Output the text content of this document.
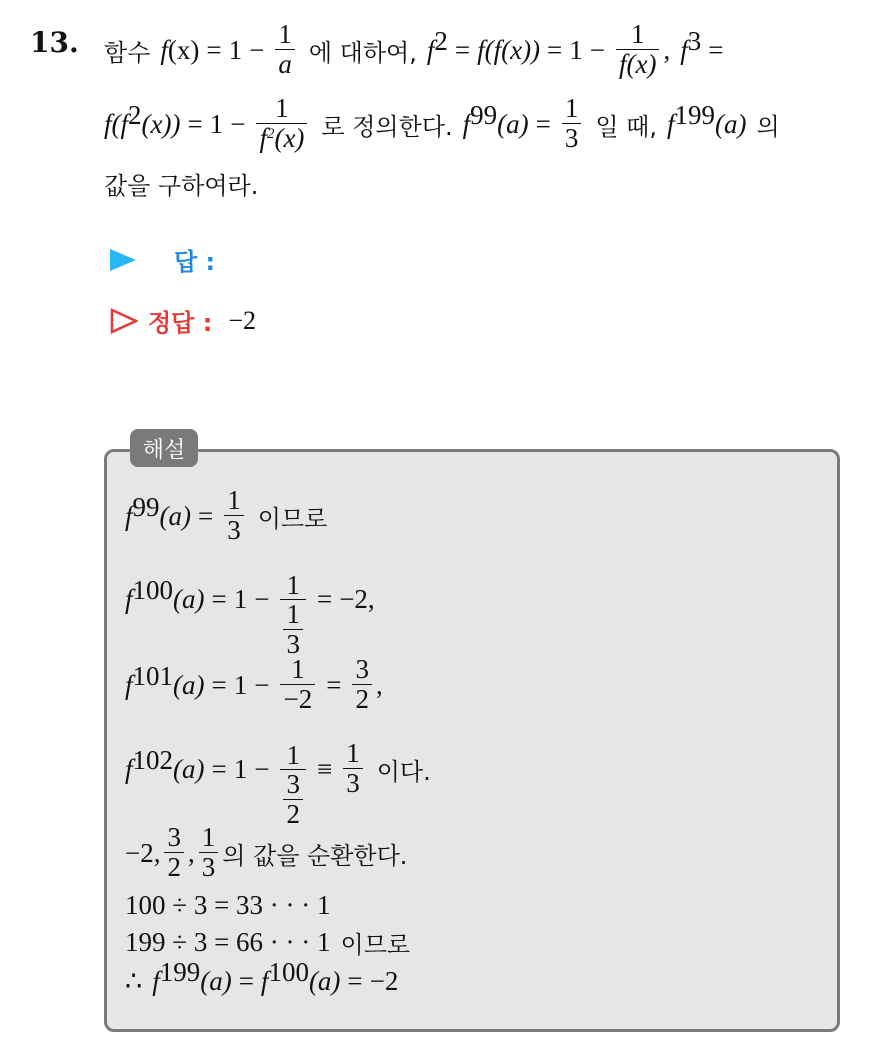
13. 함수 f $(x) = 1 - \frac{1}{a}$ 에 대하여, $f^2 = f(f(x)) = 1 - \frac{1}{f(x)}$ , $f^3$ =
$f(f^2$ $(x)) = 1 - \frac{1}{f^2(x)}$ 로 정의한다. $f^{99}$ $(a) = \frac{1}{3}$ 일 때, $f^{199}$ (a) 의
값을 구하여라.
답 :
정답 : −2
해설
$f^{99}$ $(a) = \frac{1}{3}$ 이므로
$f^{100}$ $(a) = 1 - \frac{1}{\frac{1}{3}} = -2$,
$f^{101}$ $(a) = 1 - \frac{1}{-2} = \frac{3}{2}$ ,
$f^{102}$ $(a) = 1 - \frac{1}{\frac{3}{2}} \equiv \frac{1}{3}$ 이다.
−2, $\frac{3}{2}$ , $\frac{1}{3}$ 의 값을 순환한다.
100 ÷ 3 = 33 · · · 1
199 ÷ 3 = 66 · · · 1 이므로
∴ $f^{199}$ $(a) = f^{100}$ (a) = −2
